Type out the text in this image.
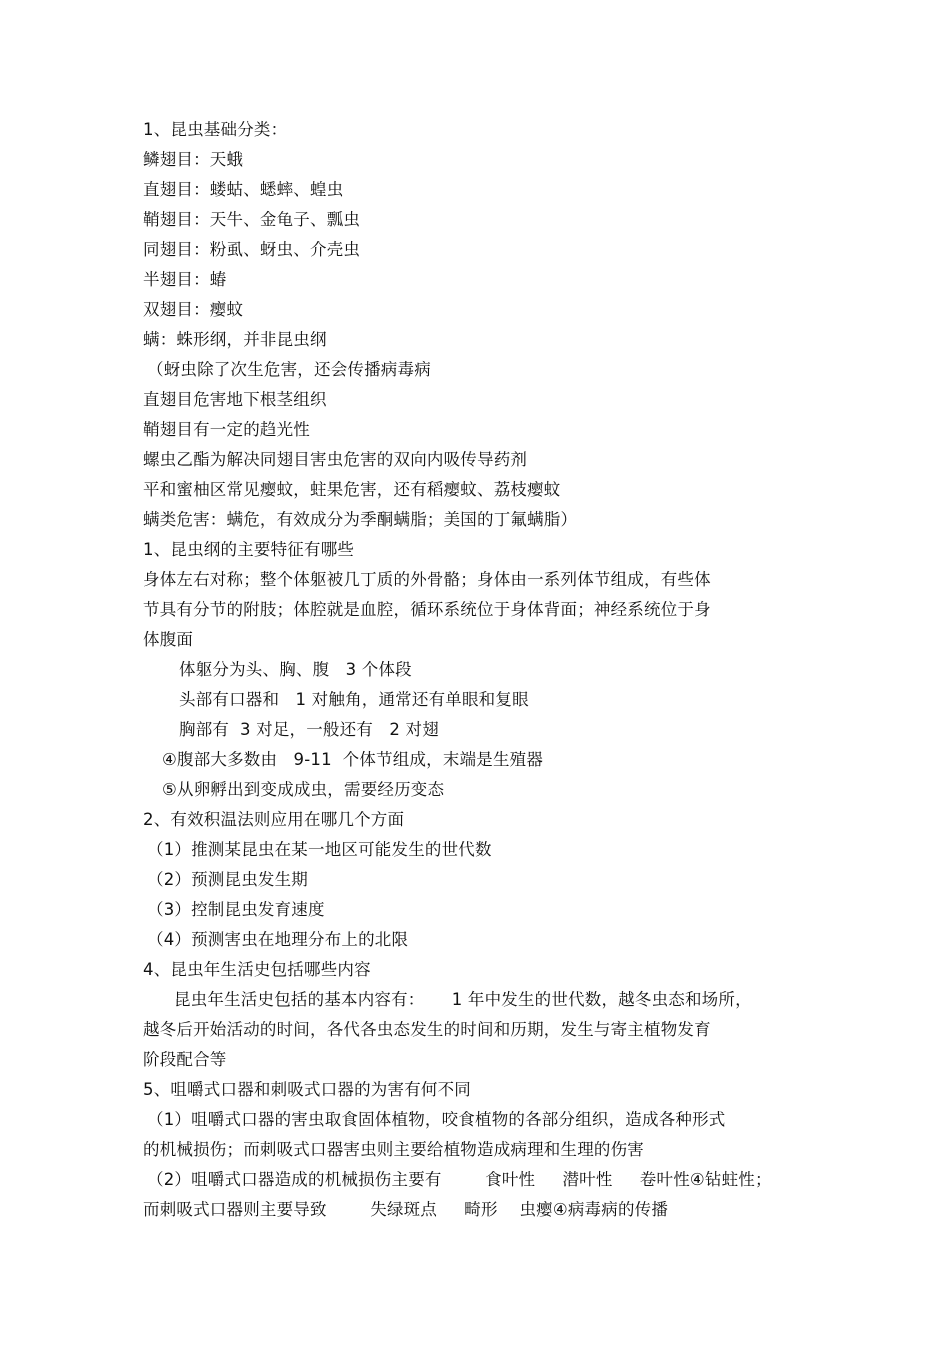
1、昆虫基础分类：
鳞翅目：天蛾
直翅目：蝼蛄、蟋蟀、蝗虫
鞘翅目：天牛、金龟子、瓢虫
同翅目：粉虱、蚜虫、介壳虫
半翅目：蝽
双翅目：瘿蚊
螨：蛛形纲，并非昆虫纲
（蚜虫除了次生危害，还会传播病毒病
直翅目危害地下根茎组织
鞘翅目有一定的趋光性
螺虫乙酯为解决同翅目害虫危害的双向内吸传导药剂
平和蜜柚区常见瘿蚊，蛀果危害，还有稻瘿蚊、荔枝瘿蚊
螨类危害：螨危，有效成分为季酮螨脂；美国的丁氟螨脂）
1、昆虫纲的主要特征有哪些
身体左右对称；整个体躯被几丁质的外骨骼；身体由一系列体节组成，有些体
节具有分节的附肢；体腔就是血腔，循环系统位于身体背面；神经系统位于身
体腹面
体躯分为头、胸、腹   3 个体段
头部有口器和   1 对触角，通常还有单眼和复眼
胸部有  3 对足，一般还有   2 对翅
④腹部大多数由   9-11  个体节组成，末端是生殖器
⑤从卵孵出到变成成虫，需要经历变态
2、有效积温法则应用在哪几个方面
（1）推测某昆虫在某一地区可能发生的世代数
（2）预测昆虫发生期
（3）控制昆虫发育速度
（4）预测害虫在地理分布上的北限
4、昆虫年生活史包括哪些内容
昆虫年生活史包括的基本内容有：     1 年中发生的世代数，越冬虫态和场所，
越冬后开始活动的时间，各代各虫态发生的时间和历期，发生与寄主植物发育
阶段配合等
5、咀嚼式口器和刺吸式口器的为害有何不同
（1）咀嚼式口器的害虫取食固体植物，咬食植物的各部分组织，造成各种形式
的机械损伤；而刺吸式口器害虫则主要给植物造成病理和生理的伤害
（2）咀嚼式口器造成的机械损伤主要有        食叶性     潜叶性     卷叶性④钻蛀性；
而刺吸式口器则主要导致        失绿斑点     畸形    虫瘿④病毒病的传播
